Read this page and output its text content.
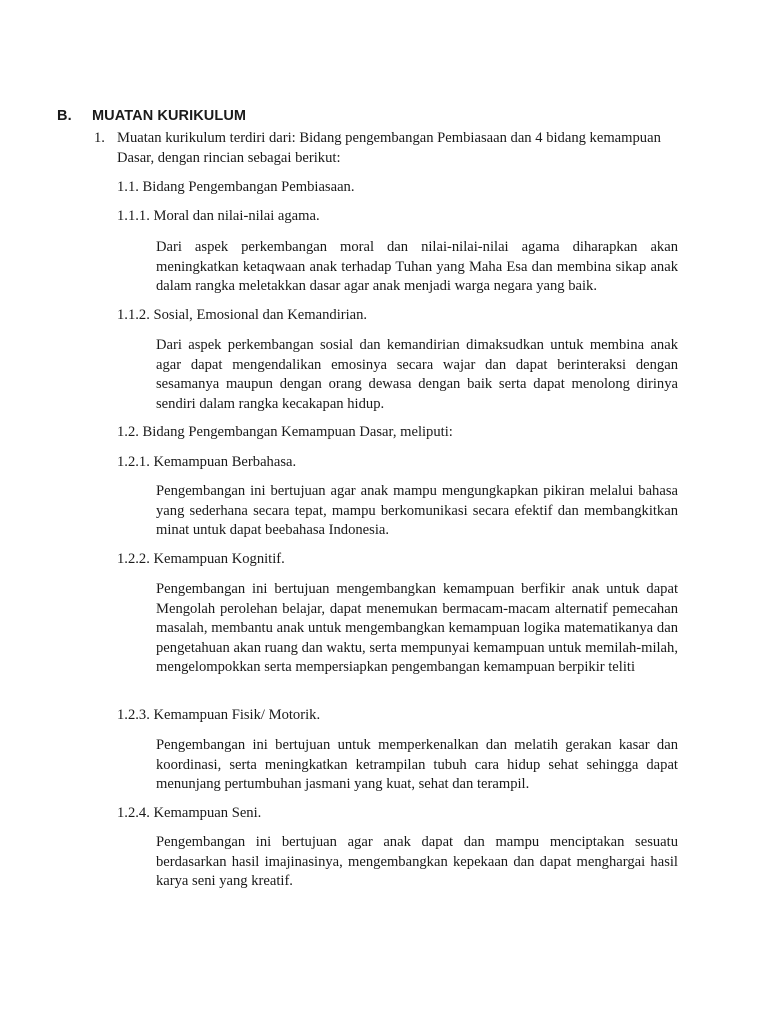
B. MUATAN KURIKULUM
1. Muatan kurikulum terdiri dari: Bidang pengembangan Pembiasaan dan 4 bidang kemampuan Dasar, dengan rincian sebagai berikut:
1.1. Bidang Pengembangan Pembiasaan.
1.1.1. Moral dan nilai-nilai agama.
Dari aspek perkembangan moral dan nilai-nilai-nilai agama diharapkan akan meningkatkan ketaqwaan anak terhadap Tuhan yang Maha Esa dan membina sikap anak dalam rangka meletakkan dasar agar anak menjadi warga negara yang baik.
1.1.2. Sosial, Emosional dan Kemandirian.
Dari aspek perkembangan sosial dan kemandirian dimaksudkan untuk membina anak agar dapat mengendalikan emosinya secara wajar dan dapat berinteraksi dengan sesamanya maupun dengan orang dewasa dengan baik serta dapat menolong dirinya sendiri dalam rangka kecakapan hidup.
1.2. Bidang Pengembangan Kemampuan Dasar, meliputi:
1.2.1. Kemampuan Berbahasa.
Pengembangan ini bertujuan agar anak mampu mengungkapkan pikiran melalui bahasa yang sederhana secara tepat, mampu berkomunikasi secara efektif dan membangkitkan minat untuk dapat beebahasa Indonesia.
1.2.2. Kemampuan Kognitif.
Pengembangan ini bertujuan mengembangkan kemampuan berfikir anak untuk dapat Mengolah perolehan belajar, dapat menemukan bermacam-macam alternatif pemecahan masalah, membantu anak untuk mengembangkan kemampuan logika matematikanya dan pengetahuan akan ruang dan waktu, serta mempunyai kemampuan untuk memilah-milah, mengelompokkan serta mempersiapkan pengembangan kemampuan berpikir teliti
1.2.3. Kemampuan Fisik/ Motorik.
Pengembangan ini bertujuan untuk memperkenalkan dan melatih gerakan kasar dan koordinasi, serta meningkatkan ketrampilan tubuh cara hidup sehat sehingga dapat menunjang pertumbuhan jasmani yang kuat, sehat dan terampil.
1.2.4. Kemampuan Seni.
Pengembangan ini bertujuan agar anak dapat dan mampu menciptakan sesuatu berdasarkan hasil imajinasinya, mengembangkan kepekaan dan dapat menghargai hasil karya seni yang kreatif.
